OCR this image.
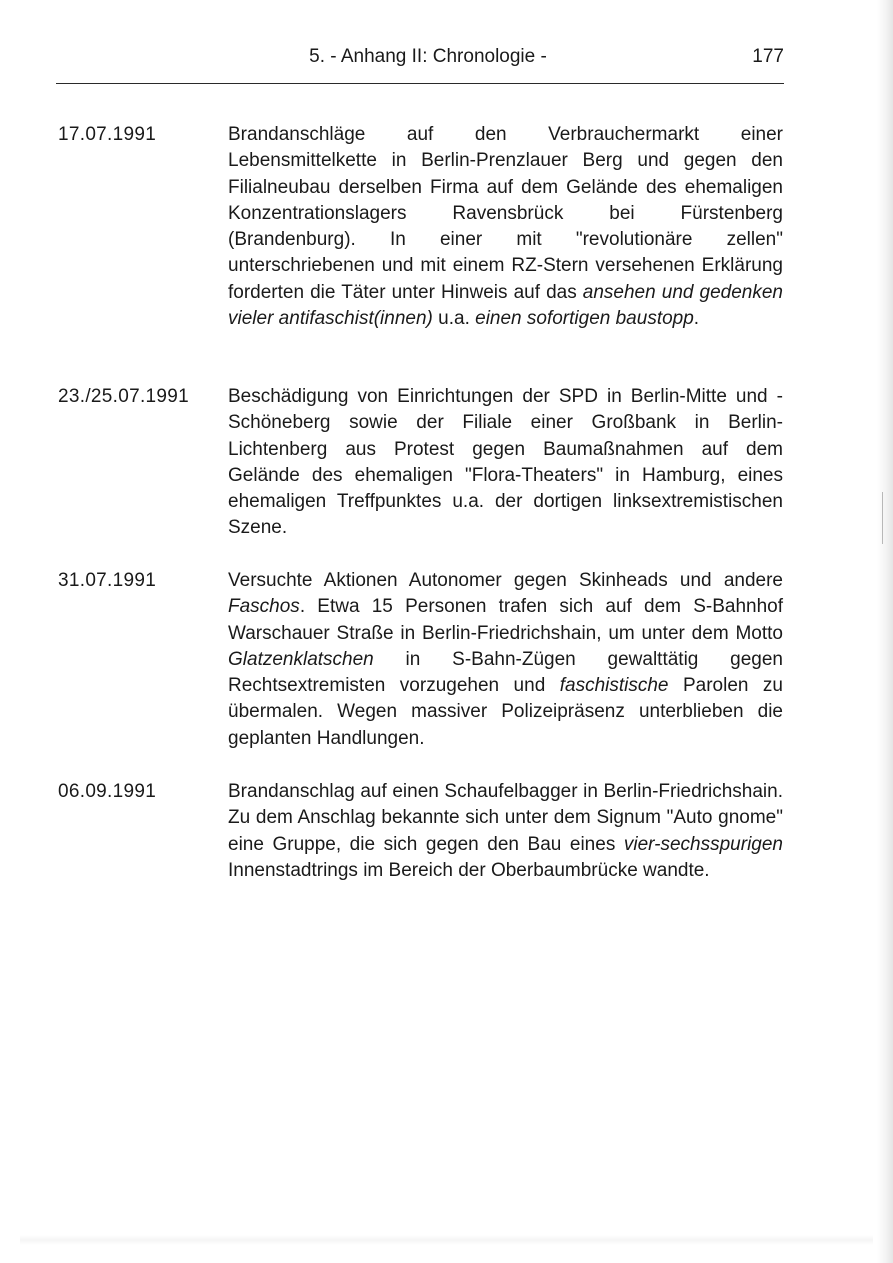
5. - Anhang II: Chronologie -	177
17.07.1991	Brandanschläge auf den Verbrauchermarkt einer Lebensmittelkette in Berlin-Prenzlauer Berg und gegen den Filialneubau derselben Firma auf dem Gelände des ehemaligen Konzentrationslagers Ravensbrück bei Fürstenberg (Brandenburg). In einer mit "revolutionäre zellen" unterschriebenen und mit einem RZ-Stern versehenen Erklärung forderten die Täter unter Hinweis auf das ansehen und gedenken vieler antifaschist(innen) u.a. einen sofortigen baustopp.

23./25.07.1991 Beschädigung von Einrichtungen der SPD in Berlin-Mitte und -Schöneberg sowie der Filiale einer Großbank in Berlin-Lichtenberg aus Protest gegen Baumaßnahmen auf dem Gelände des ehemaligen "Flora-Theaters" in Hamburg, eines ehemaligen Treffpunktes u.a. der dortigen linksextremistischen Szene.

31.07.1991	Versuchte Aktionen Autonomer gegen Skinheads und andere Faschos. Etwa 15 Personen trafen sich auf dem S-Bahnhof Warschauer Straße in Berlin-Friedrichshain, um unter dem Motto Glatzenklatschen in S-Bahn-Zügen gewalttätig gegen Rechtsextremisten vorzugehen und faschistische Parolen zu übermalen. Wegen massiver Polizeipräsenz unterblieben die geplanten Handlungen.

06.09.1991	Brandanschlag auf einen Schaufelbagger in Berlin-Friedrichshain. Zu dem Anschlag bekannte sich unter dem Signum "Auto gnome" eine Gruppe, die sich gegen den Bau eines vier-sechsspurigen Innenstadtrings im Bereich der Oberbaumbrücke wandte.
